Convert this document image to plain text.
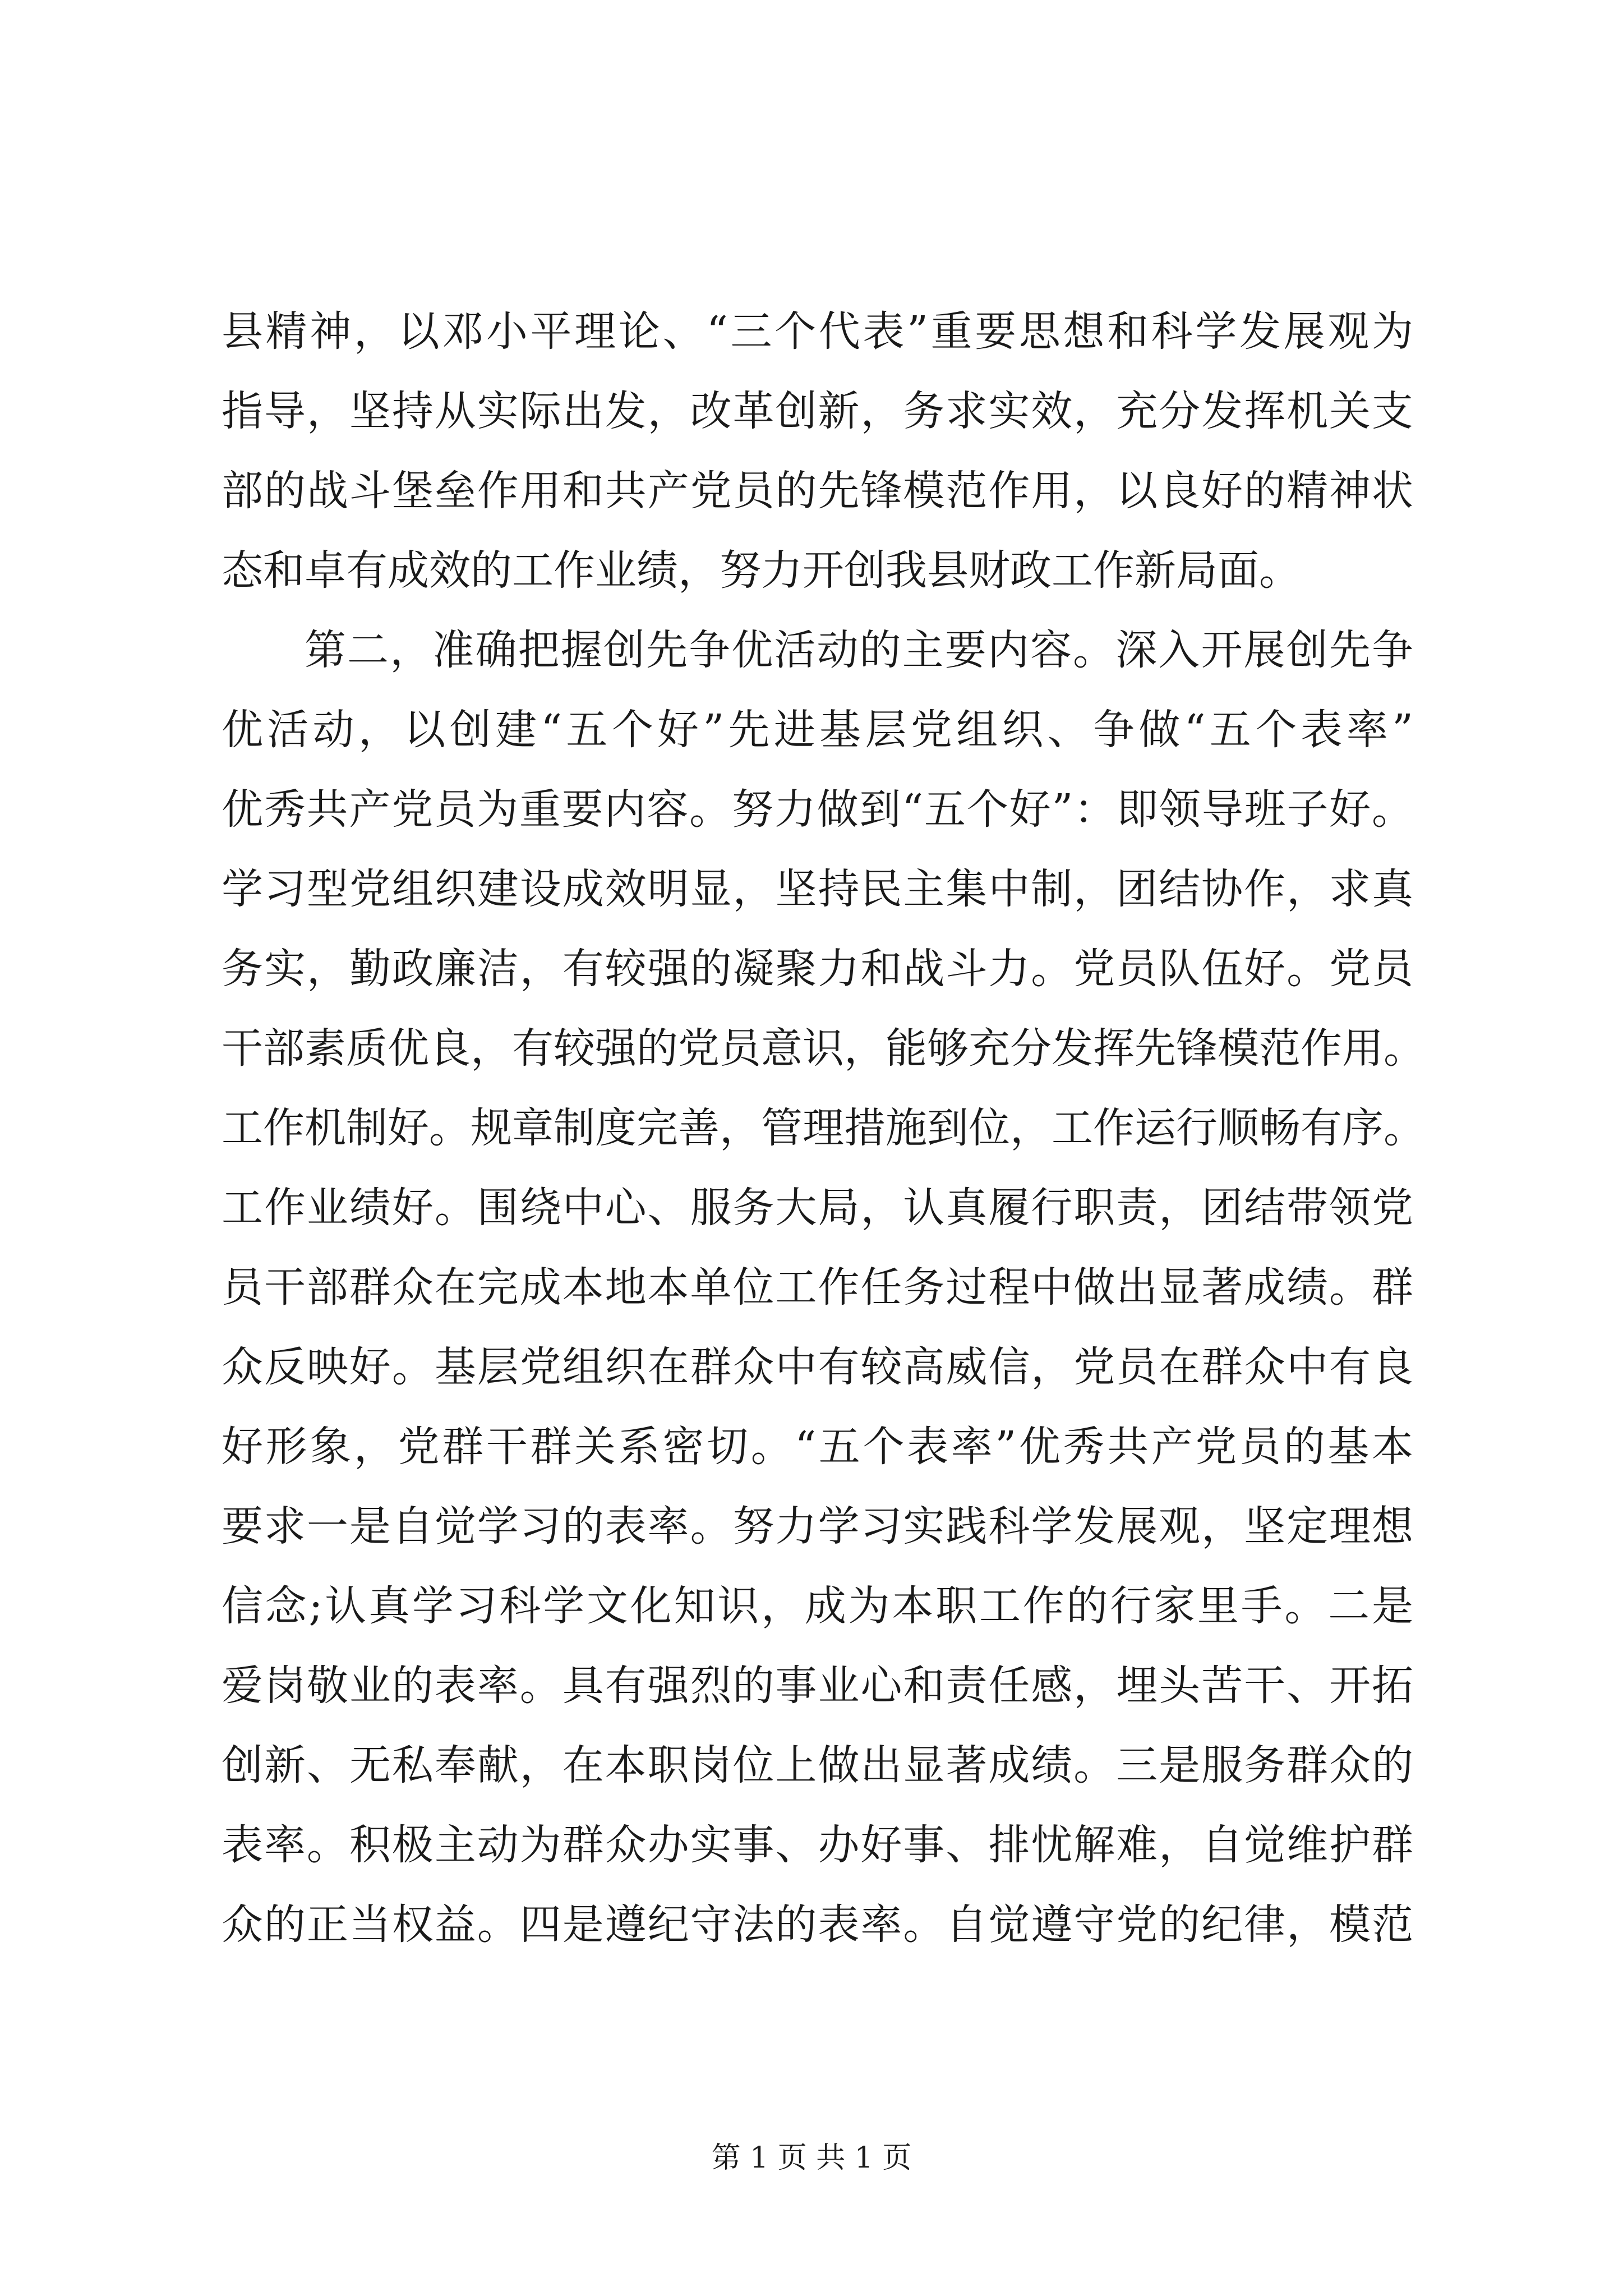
县精神，以邓小平理论、“三个代表”重要思想和科学发展观为
指导，坚持从实际出发，改革创新，务求实效，充分发挥机关支
部的战斗堡垒作用和共产党员的先锋模范作用，以良好的精神状
态和卓有成效的工作业绩，努力开创我县财政工作新局面。
第二，准确把握创先争优活动的主要内容。深入开展创先争
优活动，以创建“五个好”先进基层党组织、争做“五个表率”
优秀共产党员为重要内容。努力做到“五个好”：即领导班子好。
学习型党组织建设成效明显，坚持民主集中制，团结协作，求真
务实，勤政廉洁，有较强的凝聚力和战斗力。党员队伍好。党员
干部素质优良，有较强的党员意识，能够充分发挥先锋模范作用。
工作机制好。规章制度完善，管理措施到位，工作运行顺畅有序。
工作业绩好。围绕中心、服务大局，认真履行职责，团结带领党
员干部群众在完成本地本单位工作任务过程中做出显著成绩。群
众反映好。基层党组织在群众中有较高威信，党员在群众中有良
好形象，党群干群关系密切。“五个表率”优秀共产党员的基本
要求一是自觉学习的表率。努力学习实践科学发展观，坚定理想
信念;认真学习科学文化知识，成为本职工作的行家里手。二是
爱岗敬业的表率。具有强烈的事业心和责任感，埋头苦干、开拓
创新、无私奉献，在本职岗位上做出显著成绩。三是服务群众的
表率。积极主动为群众办实事、办好事、排忧解难，自觉维护群
众的正当权益。四是遵纪守法的表率。自觉遵守党的纪律，模范
第 1 页 共 1 页
